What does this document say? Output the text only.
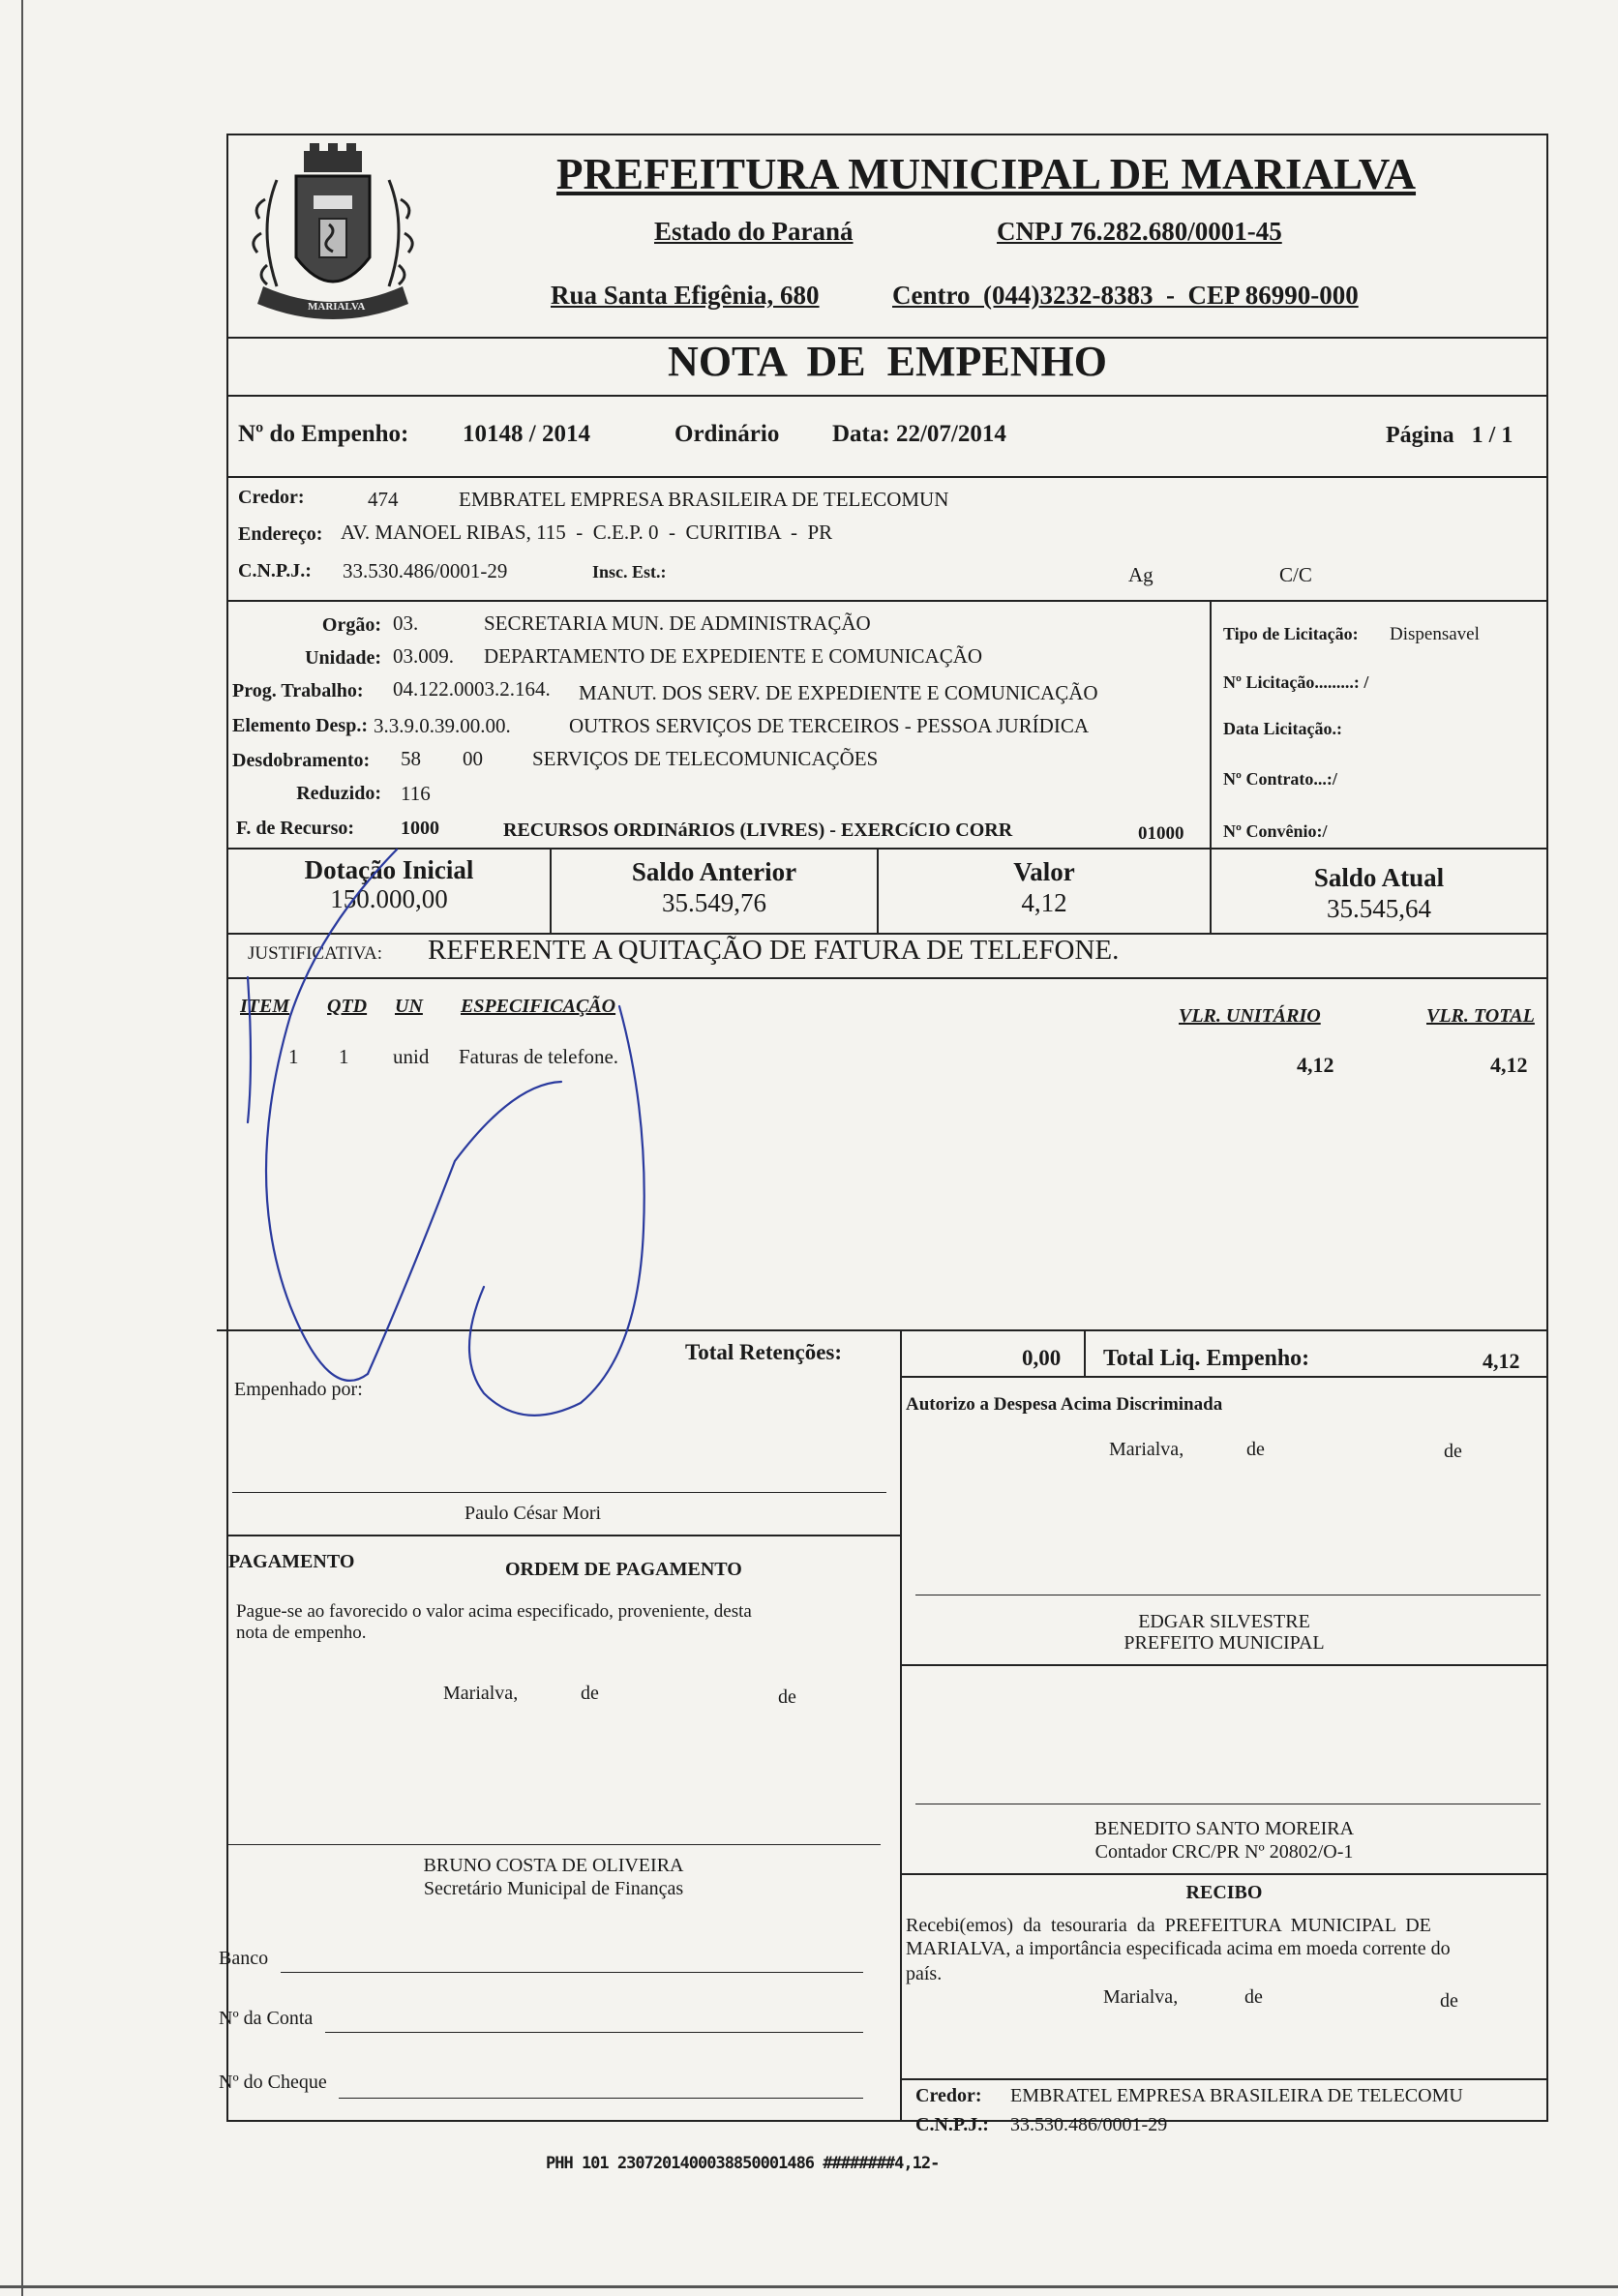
MARIALVA
PREFEITURA MUNICIPAL DE MARIALVA
Estado do Paraná	CNPJ 76.282.680/0001-45
Rua Santa Efigênia, 680	Centro  (044)3232-8383  -  CEP 86990-000
NOTA  DE  EMPENHO
Nº do Empenho: 10148 / 2014	Ordinário Data: 22/07/2014	Página   1 / 1
Credor:	474	EMBRATEL EMPRESA BRASILEIRA DE TELECOMUN
Endereço: AV. MANOEL RIBAS, 115  -  C.E.P. 0  -  CURITIBA  -  PR
C.N.P.J.: 33.530.486/0001-29	Insc. Est.:	Ag	C/C
Orgão: 03.	SECRETARIA MUN. DE ADMINISTRAÇÃO
Unidade: 03.009. DEPARTAMENTO DE EXPEDIENTE E COMUNICAÇÃO
Prog. Trabalho: 04.122.0003.2.164. MANUT. DOS SERV. DE EXPEDIENTE E COMUNICAÇÃO
Elemento Desp.: 3.3.9.0.39.00.00.	OUTROS SERVIÇOS DE TERCEIROS - PESSOA JURÍDICA
Desdobramento: 58 00 SERVIÇOS DE TELECOMUNICAÇÕES
Reduzido: 116
F. de Recurso: 1000	RECURSOS ORDINáRIOS (LIVRES) - EXERCíCIO CORR	01000
Tipo de Licitação: Dispensavel
Nº Licitação.........: /
Data Licitação.:
Nº Contrato...:/
Nº Convênio:/
Dotação Inicial
150.000,00
Saldo Anterior
35.549,76
Valor
4,12
Saldo Atual
35.545,64
JUSTIFICATIVA: REFERENTE A QUITAÇÃO DE FATURA DE TELEFONE.
ITEM QTD UN ESPECIFICAÇÃO	VLR. UNITÁRIO	VLR. TOTAL
1 1 unid Faturas de telefone.	4,12	4,12
Total Retenções:	0,00 Total Liq. Empenho:	4,12
Empenhado por:
Paulo César Mori
Autorizo a Despesa Acima Discriminada
Marialva,	de	de
PAGAMENTO	ORDEM DE PAGAMENTO
Pague-se ao favorecido o valor acima especificado, proveniente, desta
nota de empenho.
Marialva,	de	de
BRUNO COSTA DE OLIVEIRA
Secretário Municipal de Finanças
Banco
Nº da Conta
Nº do Cheque
EDGAR SILVESTRE
PREFEITO MUNICIPAL
BENEDITO SANTO MOREIRA
Contador CRC/PR Nº 20802/O-1
RECIBO
Recebi(emos)  da  tesouraria  da  PREFEITURA  MUNICIPAL  DE
MARIALVA, a importância especificada acima em moeda corrente do
país.
Marialva,	de	de
Credor: EMBRATEL EMPRESA BRASILEIRA DE TELECOMU
C.N.P.J.: 33.530.486/0001-29
PHH 101 2307201400038850001486 ########4,12-
